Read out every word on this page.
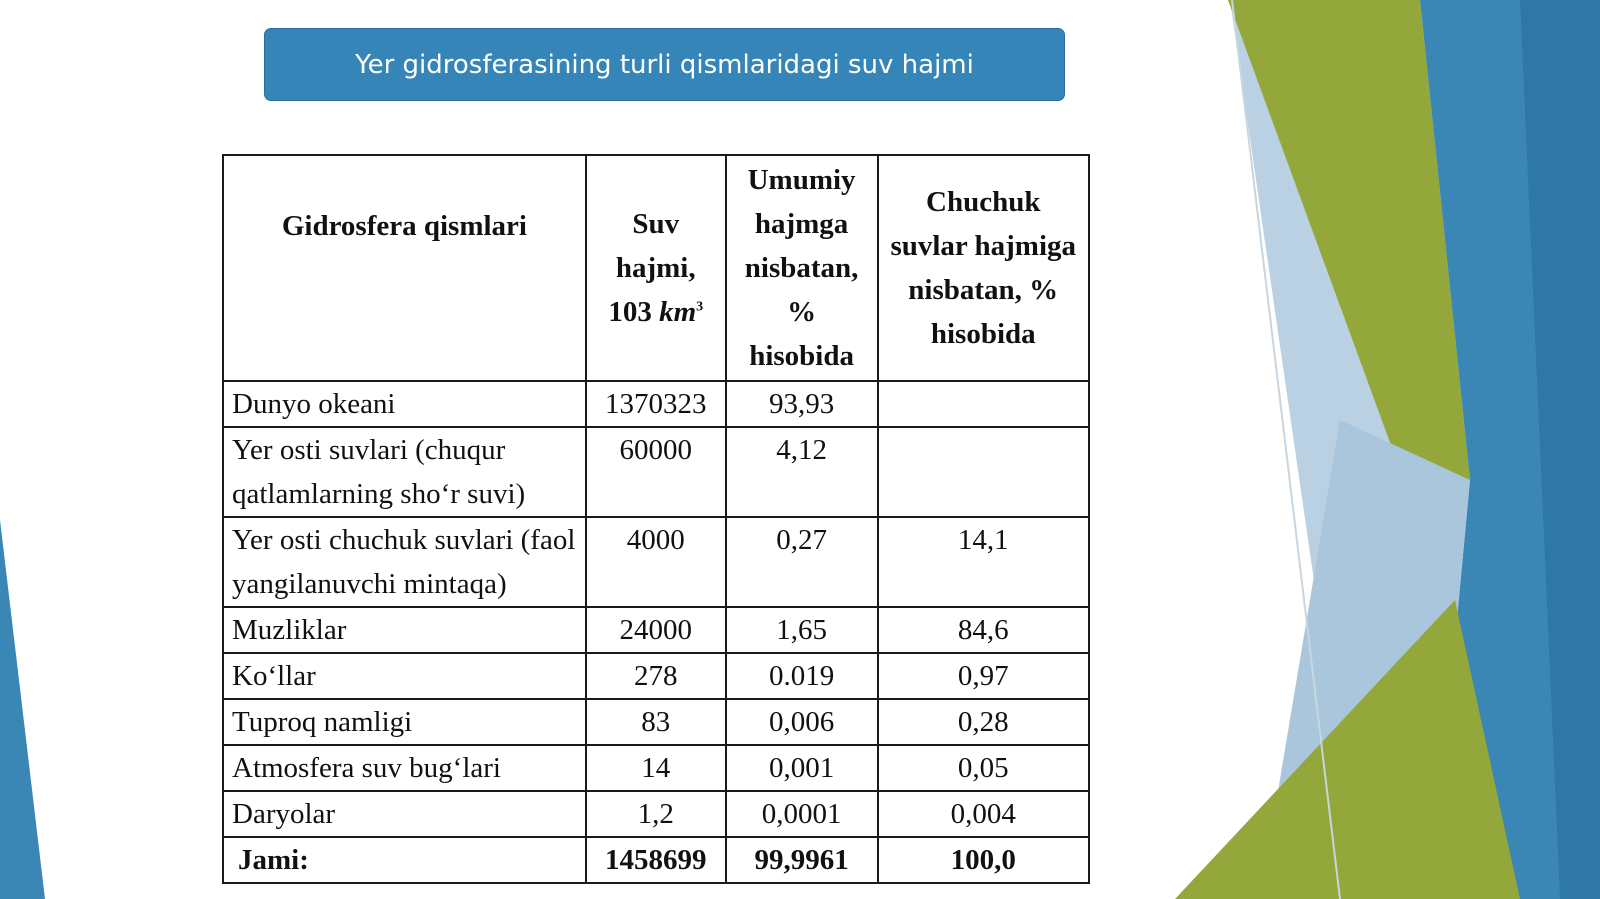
Yer gidrosferasining turli qismlaridagi suv hajmi
Gidrosfera qismlari	Suv hajmi, 103 $km^3$	Umumiy hajmga nisbatan, % hisobida	Chuchuk suvlar hajmiga nisbatan, % hisobida
Dunyo okeani	1370323	93,93	
Yer osti suvlari (chuqur qatlamlarning sho‘r suvi)	60000	4,12	
Yer osti chuchuk suvlari (faol yangilanuvchi mintaqa)	4000	0,27	14,1
Muzliklar	24000	1,65	84,6
Ko‘llar	278	0.019	0,97
Tuproq namligi	83	0,006	0,28
Atmosfera suv bug‘lari	14	0,001	0,05
Daryolar	1,2	0,0001	0,004
Jami:	1458699	99,9961	100,0
